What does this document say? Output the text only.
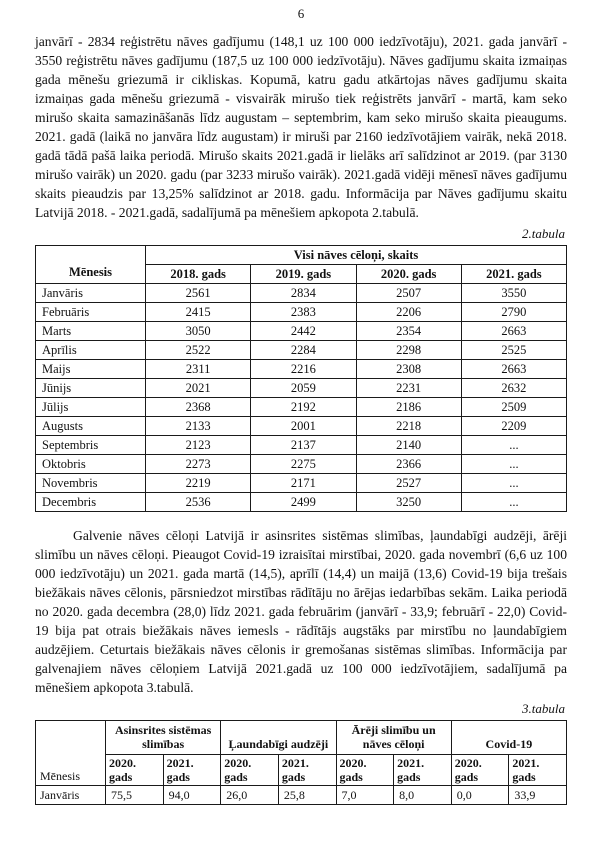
6

janvārī - 2834 reģistrētu nāves gadījumu (148,1 uz 100 000 iedzīvotāju), 2021. gada janvārī - 3550 reģistrētu nāves gadījumu (187,5 uz 100 000 iedzīvotāju). Nāves gadījumu skaita izmaiņas gada mēnešu griezumā ir cikliskas. Kopumā, katru gadu atkārtojas nāves gadījumu skaita izmaiņas gada mēnešu griezumā - visvairāk mirušo tiek reģistrēts janvārī - martā, kam seko mirušo skaita samazināšanās līdz augustam – septembrim, kam seko mirušo skaita pieaugums. 2021. gadā (laikā no janvāra līdz augustam) ir miruši par 2160 iedzīvotājiem vairāk, nekā 2018. gadā tādā pašā laika periodā. Mirušo skaits 2021.gadā ir lielāks arī salīdzinot ar 2019. (par 3130 mirušo vairāk) un 2020. gadu (par 3233 mirušo vairāk). 2021.gadā vidēji mēnesī nāves gadījumu skaits pieaudzis par 13,25% salīdzinot ar 2018. gadu. Informācija par Nāves gadījumu skaitu Latvijā 2018. - 2021.gadā, sadalījumā pa mēnešiem apkopota 2.tabulā.

2.tabula
Mēnesis	Visi nāves cēloņi, skaits			
	2018. gads	2019. gads	2020. gads	2021. gads
Janvāris	2561	2834	2507	3550
Februāris	2415	2383	2206	2790
Marts	3050	2442	2354	2663
Aprīlis	2522	2284	2298	2525
Maijs	2311	2216	2308	2663
Jūnijs	2021	2059	2231	2632
Jūlijs	2368	2192	2186	2509
Augusts	2133	2001	2218	2209
Septembris	2123	2137	2140	...
Oktobris	2273	2275	2366	...
Novembris	2219	2171	2527	...
Decembris	2536	2499	3250	...

Galvenie nāves cēloņi Latvijā ir asinsrites sistēmas slimības, ļaundabīgi audzēji, ārēji slimību un nāves cēloņi. Pieaugot Covid-19 izraisītai mirstībai, 2020. gada novembrī (6,6 uz 100 000 iedzīvotāju) un 2021. gada martā (14,5), aprīlī (14,4) un maijā (13,6) Covid-19 bija trešais biežākais nāves cēlonis, pārsniedzot mirstības rādītāju no ārējas iedarbības sekām. Laika periodā no 2020. gada decembra (28,0) līdz 2021. gada februārim (janvārī - 33,9; februārī - 22,0) Covid-19 bija pat otrais biežākais nāves iemesls - rādītājs augstāks par mirstību no ļaundabīgiem audzējiem. Ceturtais biežākais nāves cēlonis ir gremošanas sistēmas slimības. Informācija par galvenajiem nāves cēloņiem Latvijā 2021.gadā uz 100 000 iedzīvotājiem, sadalījumā pa mēnešiem apkopota 3.tabulā.

3.tabula
Mēnesis	Asinsrites sistēmas slimības		Ļaundabīgi audzēji		Ārēji slimību un nāves cēloņi		Covid-19	
	2020. gads	2021. gads	2020. gads	2021. gads	2020. gads	2021. gads	2020. gads	2021. gads
Janvāris	75,5	94,0	26,0	25,8	7,0	8,0	0,0	33,9
